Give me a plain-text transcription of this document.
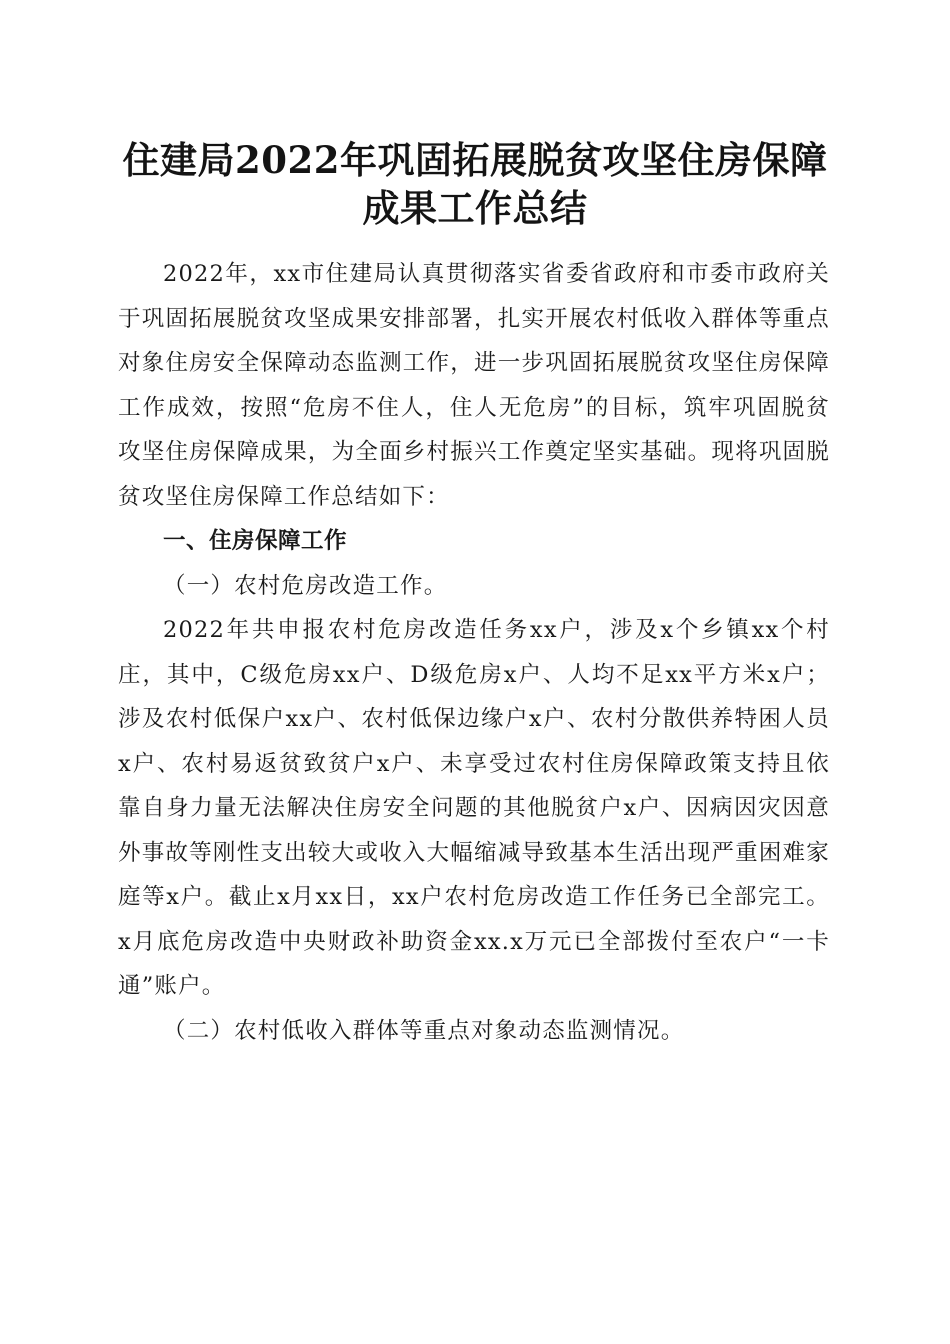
住建局2022年巩固拓展脱贫攻坚住房保障成果工作总结

2022年，xx市住建局认真贯彻落实省委省政府和市委市政府关于巩固拓展脱贫攻坚成果安排部署，扎实开展农村低收入群体等重点对象住房安全保障动态监测工作，进一步巩固拓展脱贫攻坚住房保障工作成效，按照“危房不住人，住人无危房”的目标，筑牢巩固脱贫攻坚住房保障成果，为全面乡村振兴工作奠定坚实基础。现将巩固脱贫攻坚住房保障工作总结如下：

一、住房保障工作

（一）农村危房改造工作。

2022年共申报农村危房改造任务xx户，涉及x个乡镇xx个村庄，其中，C级危房xx户、D级危房x户、人均不足xx平方米x户；涉及农村低保户xx户、农村低保边缘户x户、农村分散供养特困人员x户、农村易返贫致贫户x户、未享受过农村住房保障政策支持且依靠自身力量无法解决住房安全问题的其他脱贫户x户、因病因灾因意外事故等刚性支出较大或收入大幅缩减导致基本生活出现严重困难家庭等x户。截止x月xx日，xx户农村危房改造工作任务已全部完工。x月底危房改造中央财政补助资金xx.x万元已全部拨付至农户“一卡通”账户。

（二）农村低收入群体等重点对象动态监测情况。
